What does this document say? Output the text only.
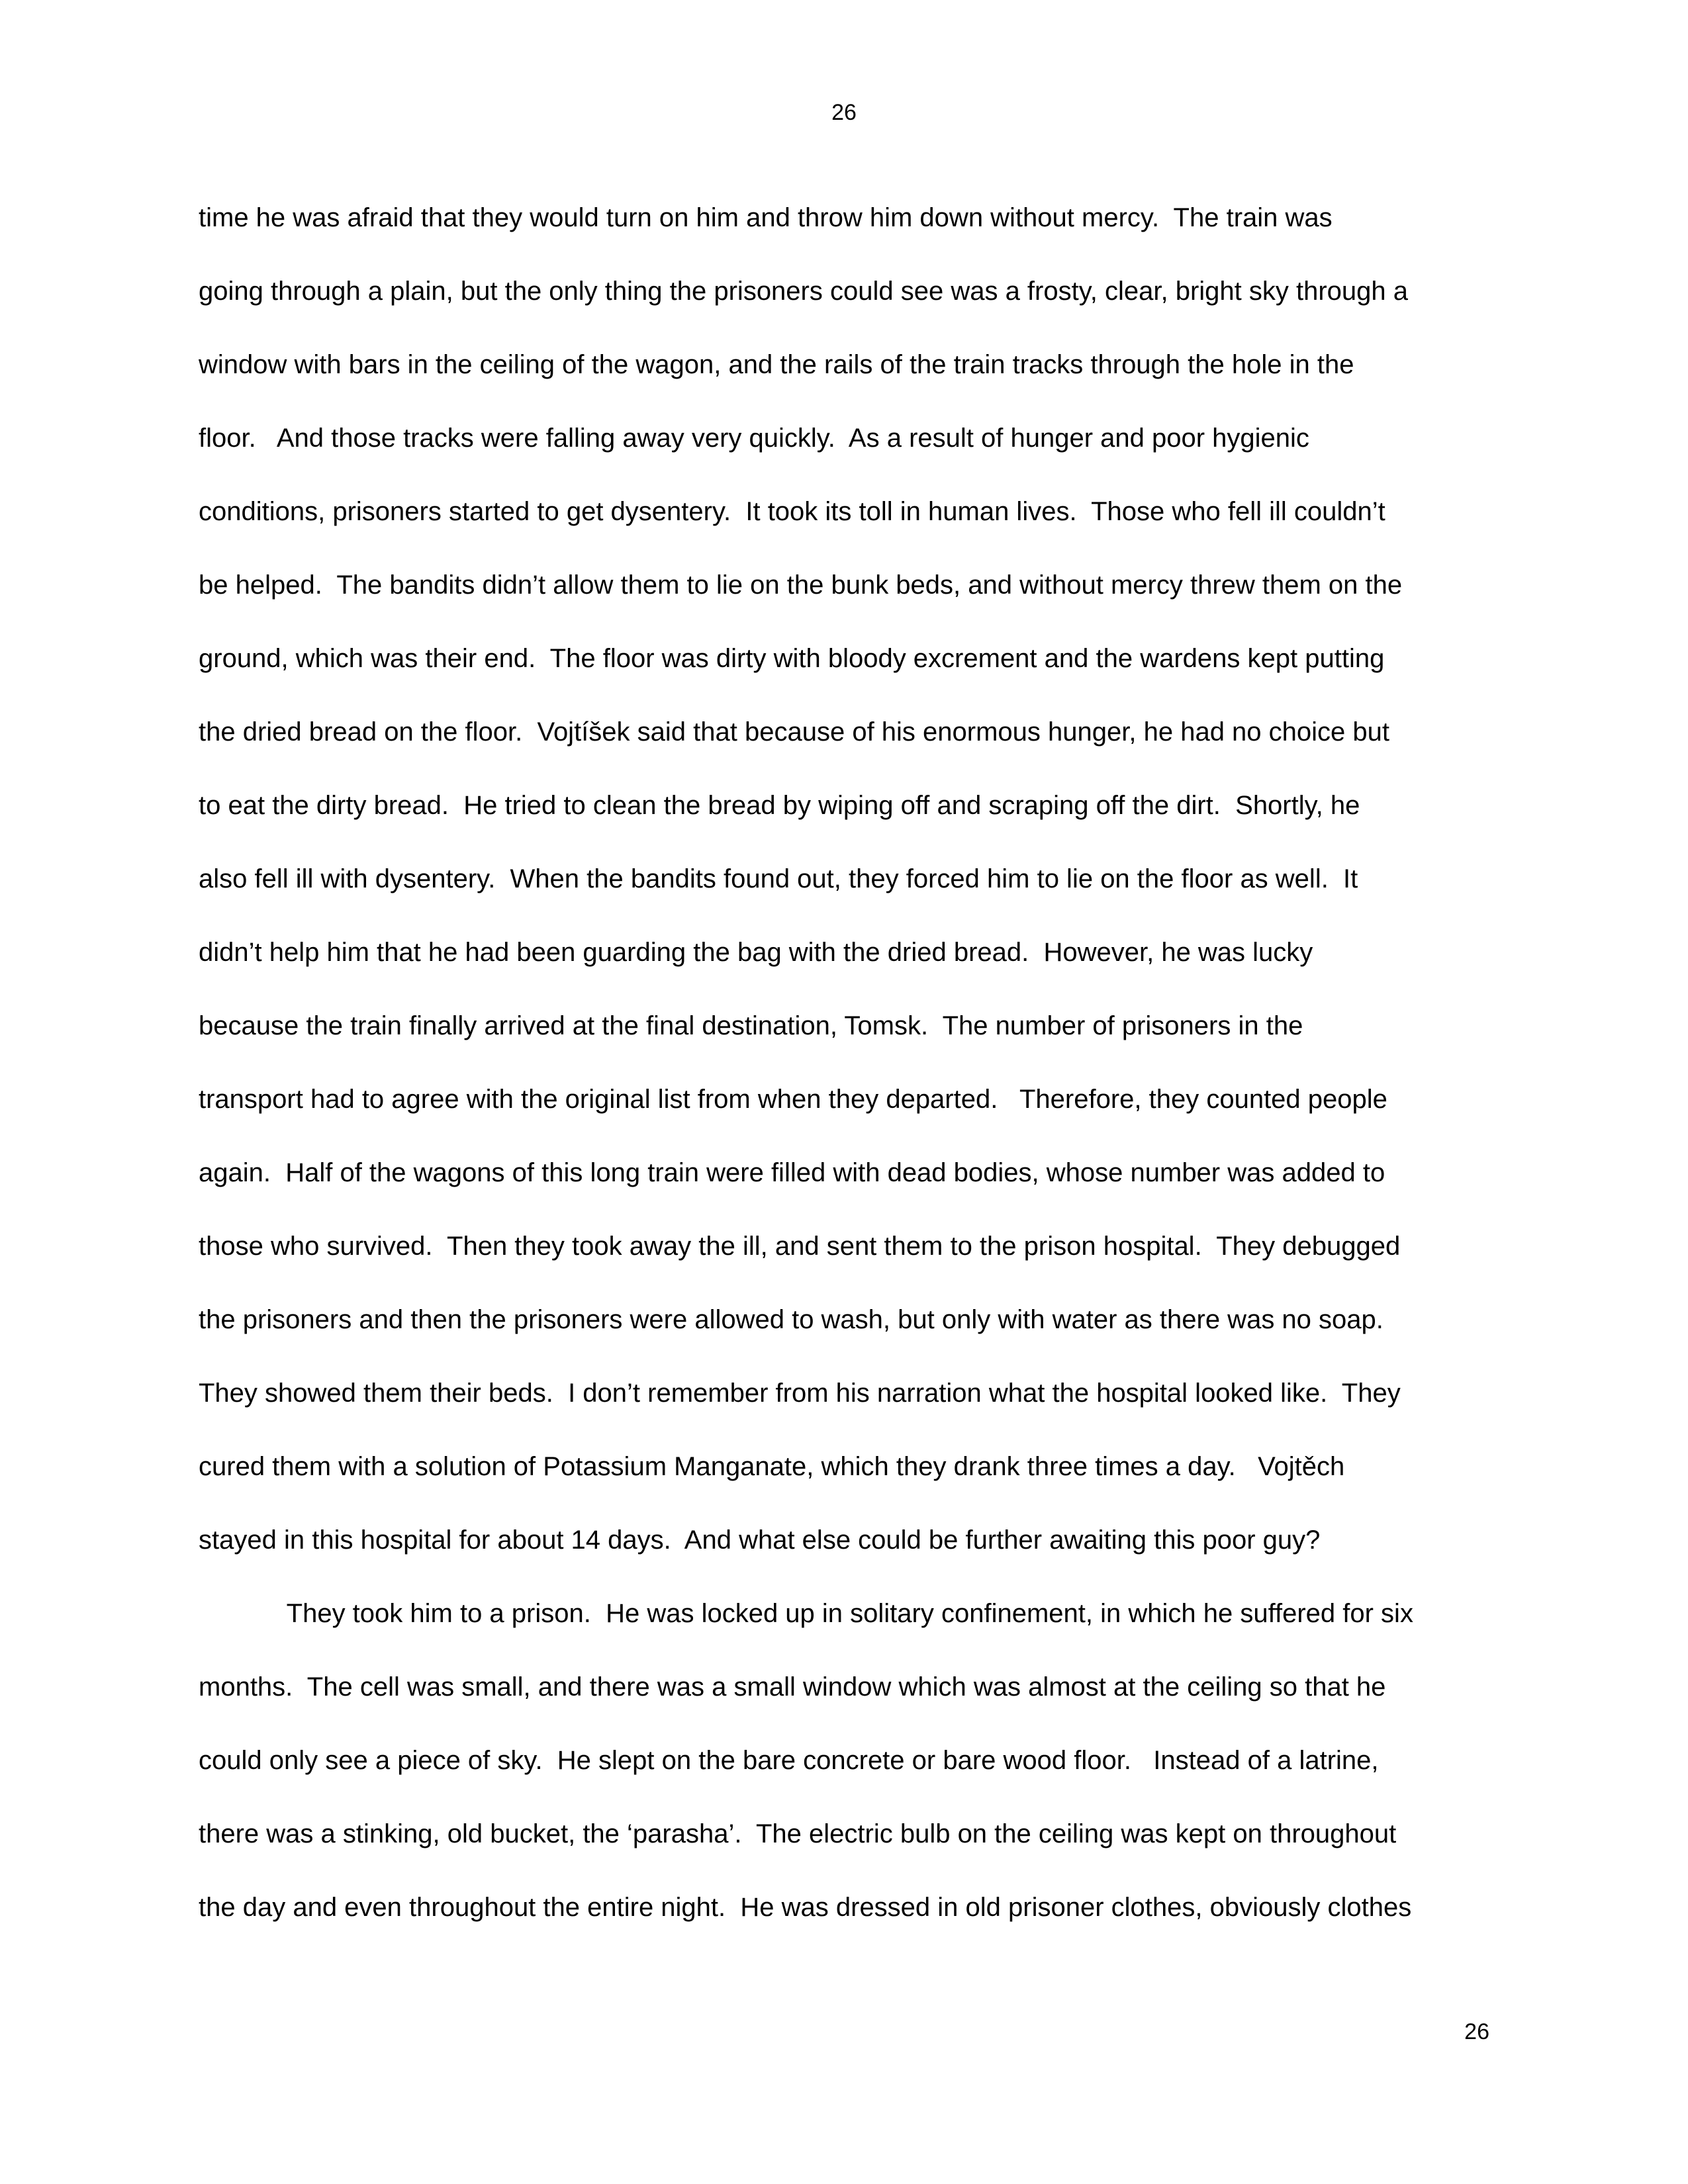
26
time he was afraid that they would turn on him and throw him down without mercy.  The train was
going through a plain, but the only thing the prisoners could see was a frosty, clear, bright sky through a
window with bars in the ceiling of the wagon, and the rails of the train tracks through the hole in the
floor.   And those tracks were falling away very quickly.  As a result of hunger and poor hygienic
conditions, prisoners started to get dysentery.  It took its toll in human lives.  Those who fell ill couldn’t
be helped.  The bandits didn’t allow them to lie on the bunk beds, and without mercy threw them on the
ground, which was their end.  The floor was dirty with bloody excrement and the wardens kept putting
the dried bread on the floor.  Vojtíšek said that because of his enormous hunger, he had no choice but
to eat the dirty bread.  He tried to clean the bread by wiping off and scraping off the dirt.  Shortly, he
also fell ill with dysentery.  When the bandits found out, they forced him to lie on the floor as well.  It
didn’t help him that he had been guarding the bag with the dried bread.  However, he was lucky
because the train finally arrived at the final destination, Tomsk.  The number of prisoners in the
transport had to agree with the original list from when they departed.   Therefore, they counted people
again.  Half of the wagons of this long train were filled with dead bodies, whose number was added to
those who survived.  Then they took away the ill, and sent them to the prison hospital.  They debugged
the prisoners and then the prisoners were allowed to wash, but only with water as there was no soap.
They showed them their beds.  I don’t remember from his narration what the hospital looked like.  They
cured them with a solution of Potassium Manganate, which they drank three times a day.   Vojtěch
stayed in this hospital for about 14 days.  And what else could be further awaiting this poor guy?
They took him to a prison.  He was locked up in solitary confinement, in which he suffered for six
months.  The cell was small, and there was a small window which was almost at the ceiling so that he
could only see a piece of sky.  He slept on the bare concrete or bare wood floor.   Instead of a latrine,
there was a stinking, old bucket, the ‘parasha’.  The electric bulb on the ceiling was kept on throughout
the day and even throughout the entire night.  He was dressed in old prisoner clothes, obviously clothes
26
